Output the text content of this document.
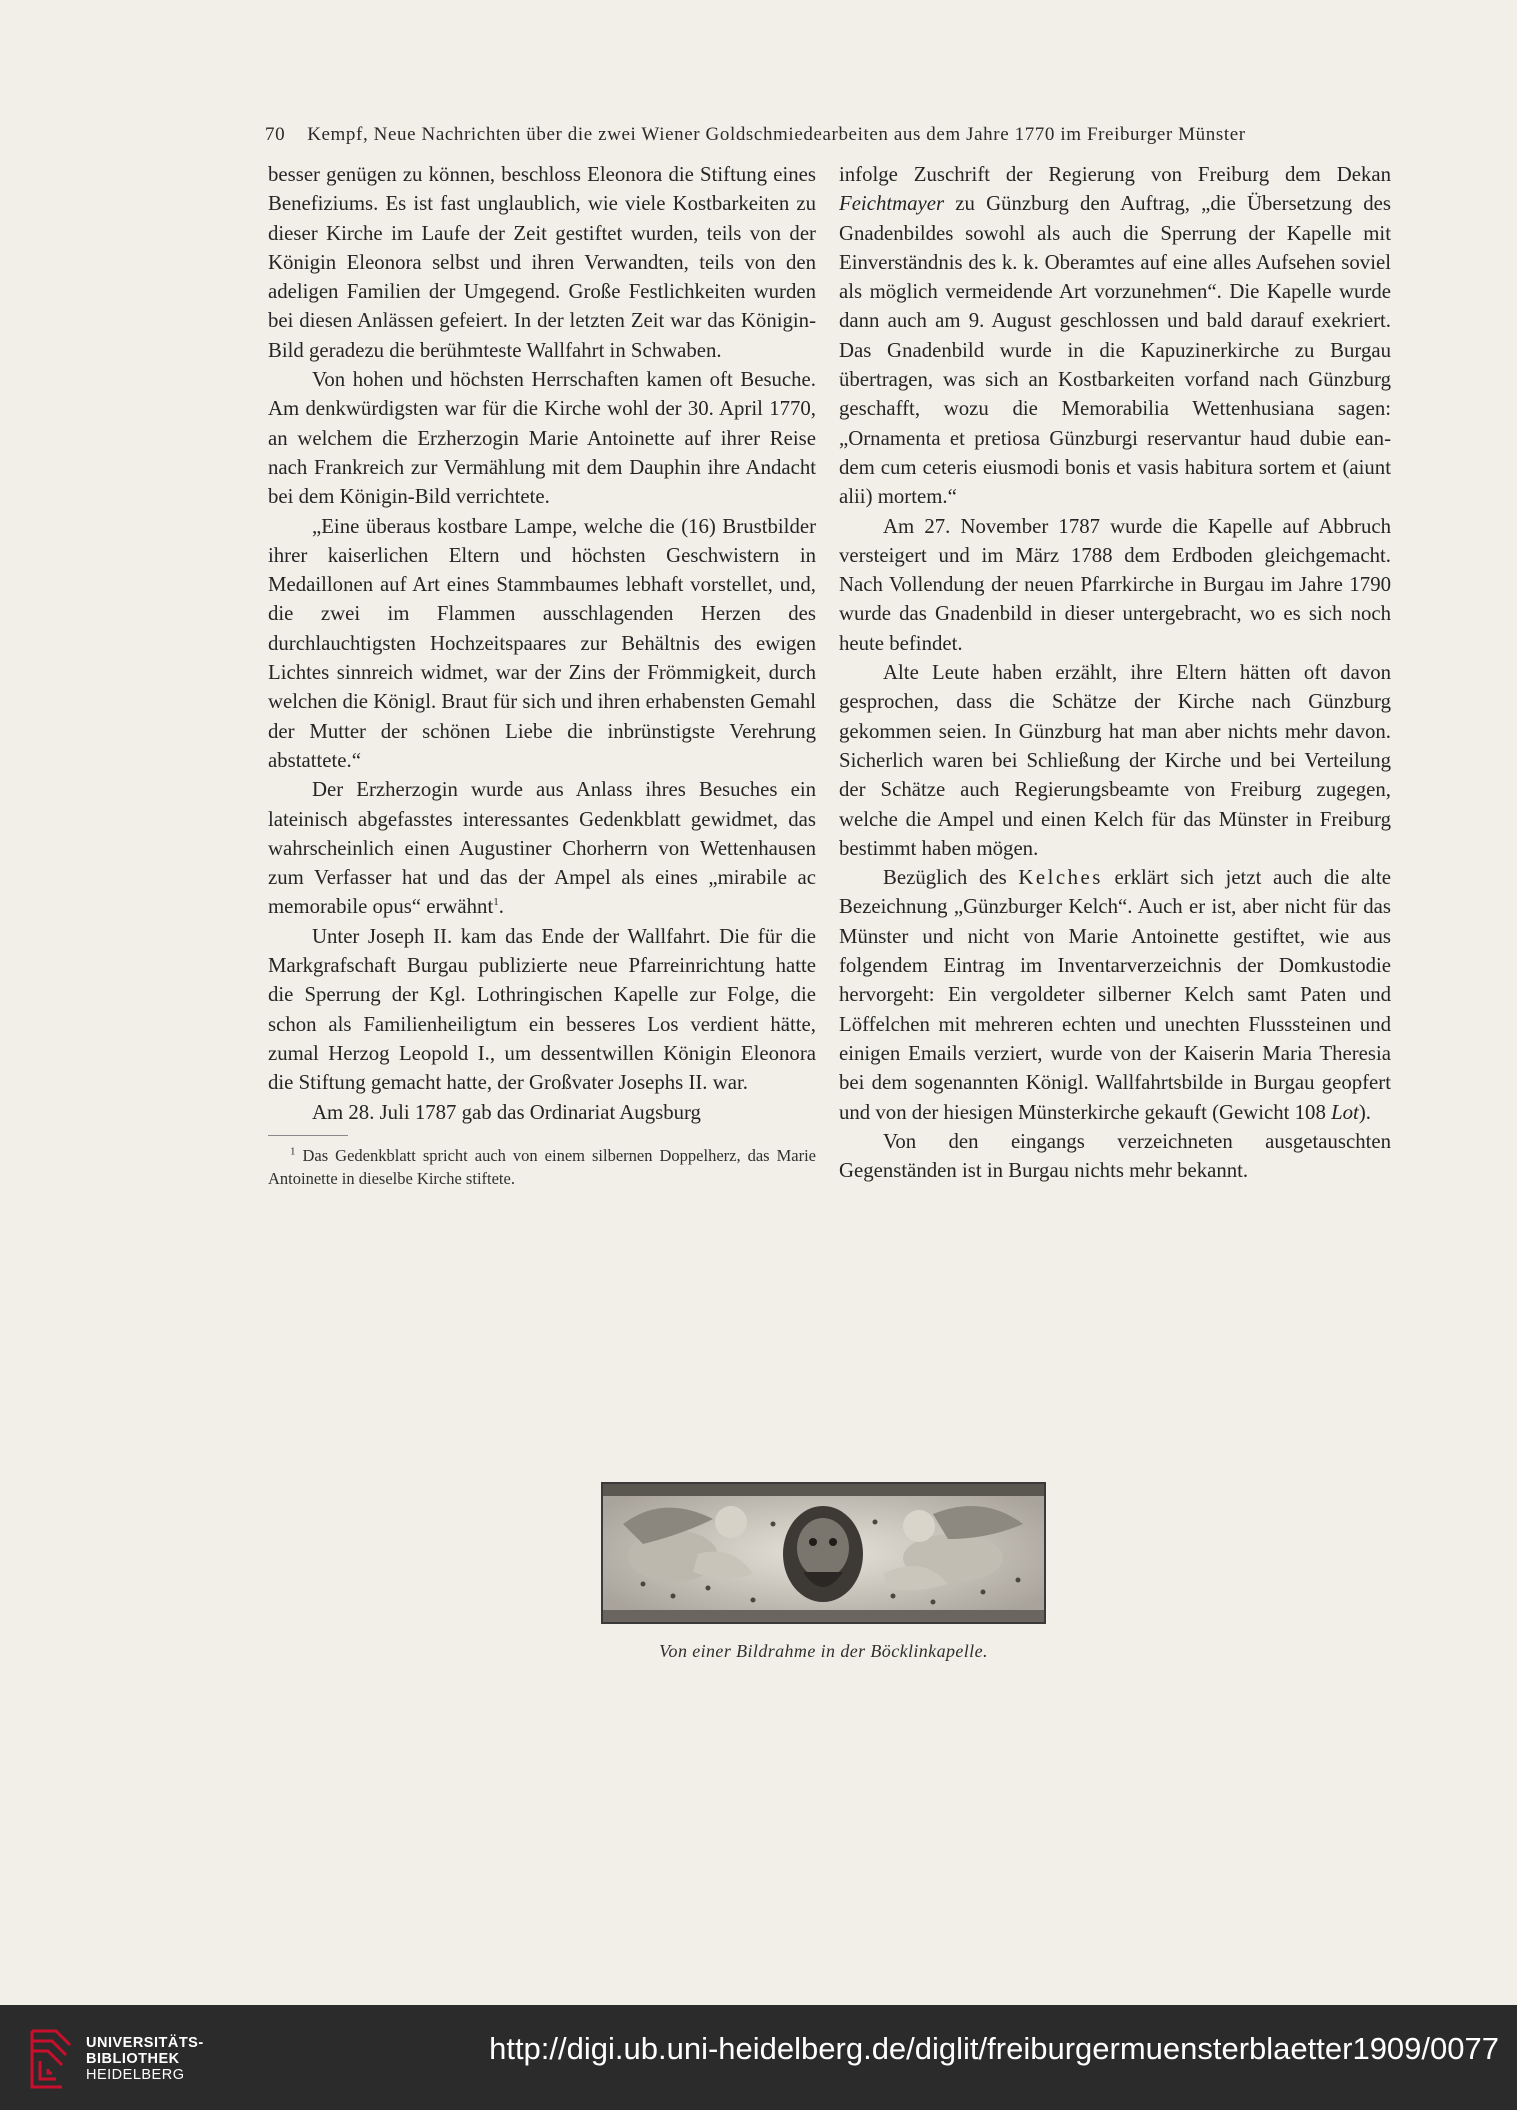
70 Kempf, Neue Nachrichten über die zwei Wiener Goldschmiedearbeiten aus dem Jahre 1770 im Freiburger Münster

besser genügen zu können, beschloss Eleonora die Stiftung eines Benefiziums. Es ist fast unglaublich, wie viele Kostbarkeiten zu dieser Kirche im Laufe der Zeit gestiftet wurden, teils von der Königin Eleonora selbst und ihren Verwandten, teils von den adeligen Familien der Umgegend. Große Festlichkeiten wurden bei diesen Anlässen gefeiert. In der letzten Zeit war das Königin-Bild geradezu die berühmteste Wallfahrt in Schwaben.

Von hohen und höchsten Herrschaften kamen oft Besuche. Am denkwürdigsten war für die Kirche wohl der 30. April 1770, an welchem die Erzherzogin Marie Antoinette auf ihrer Reise nach Frankreich zur Vermählung mit dem Dauphin ihre Andacht bei dem Königin-Bild verrichtete.

„Eine überaus kostbare Lampe, welche die (16) Brustbilder ihrer kaiserlichen Eltern und höchsten Geschwistern in Medaillonen auf Art eines Stammbaumes lebhaft vorstellet, und, die zwei im Flammen ausschlagenden Herzen des durchlauchtigsten Hochzeitspaares zur Behältnis des ewigen Lichtes sinnreich widmet, war der Zins der Frömmigkeit, durch welchen die Königl. Braut für sich und ihren erhabensten Gemahl der Mutter der schönen Liebe die inbrünstigste Verehrung abstattete.“

Der Erzherzogin wurde aus Anlass ihres Besuches ein lateinisch abgefasstes interessantes Gedenkblatt gewidmet, das wahrscheinlich einen Augustiner Chorherrn von Wettenhausen zum Verfasser hat und das der Ampel als eines „mirabile ac memorabile opus“ erwähnt$^1$.

Unter Joseph II. kam das Ende der Wallfahrt. Die für die Markgrafschaft Burgau publizierte neue Pfarreinrichtung hatte die Sperrung der Kgl. Lothringischen Kapelle zur Folge, die schon als Familienheiligtum ein besseres Los verdient hätte, zumal Herzog Leopold I., um dessentwillen Königin Eleonora die Stiftung gemacht hatte, der Großvater Josephs II. war.

Am 28. Juli 1787 gab das Ordinariat Augsburg

$^1$ Das Gedenkblatt spricht auch von einem silbernen Doppelherz, das Marie Antoinette in dieselbe Kirche stiftete.

infolge Zuschrift der Regierung von Freiburg dem Dekan Feichtmayer zu Günzburg den Auftrag, „die Übersetzung des Gnadenbildes sowohl als auch die Sperrung der Kapelle mit Einverständnis des k. k. Oberamtes auf eine alles Aufsehen soviel als möglich vermeidende Art vorzunehmen“. Die Kapelle wurde dann auch am 9. August geschlossen und bald darauf exekriert. Das Gnadenbild wurde in die Kapuzinerkirche zu Burgau übertragen, was sich an Kostbarkeiten vorfand nach Günzburg geschafft, wozu die Memorabilia Wettenhusiana sagen: „Ornamenta et pretiosa Günzburgi reservantur haud dubie eandem cum ceteris eiusmodi bonis et vasis habitura sortem et (aiunt alii) mortem.“

Am 27. November 1787 wurde die Kapelle auf Abbruch versteigert und im März 1788 dem Erdboden gleichgemacht. Nach Vollendung der neuen Pfarrkirche in Burgau im Jahre 1790 wurde das Gnadenbild in dieser untergebracht, wo es sich noch heute befindet.

Alte Leute haben erzählt, ihre Eltern hätten oft davon gesprochen, dass die Schätze der Kirche nach Günzburg gekommen seien. In Günzburg hat man aber nichts mehr davon. Sicherlich waren bei Schließung der Kirche und bei Verteilung der Schätze auch Regierungsbeamte von Freiburg zugegen, welche die Ampel und einen Kelch für das Münster in Freiburg bestimmt haben mögen.

Bezüglich des Kelches erklärt sich jetzt auch die alte Bezeichnung „Günzburger Kelch“. Auch er ist, aber nicht für das Münster und nicht von Marie Antoinette gestiftet, wie aus folgendem Eintrag im Inventarverzeichnis der Domkustodie hervorgeht: Ein vergoldeter silberner Kelch samt Paten und Löffelchen mit mehreren echten und unechten Flusssteinen und einigen Emails verziert, wurde von der Kaiserin Maria Theresia bei dem sogenannten Königl. Wallfahrtsbilde in Burgau geopfert und von der hiesigen Münsterkirche gekauft (Gewicht 108 Lot).

Von den eingangs verzeichneten ausgetauschten Gegenständen ist in Burgau nichts mehr bekannt.

Von einer Bildrahme in der Böcklinkapelle.
UNIVERSITÄTS-
BIBLIOTHEK
HEIDELBERG
http://digi.ub.uni-heidelberg.de/diglit/freiburgermuensterblaetter1909/0077
